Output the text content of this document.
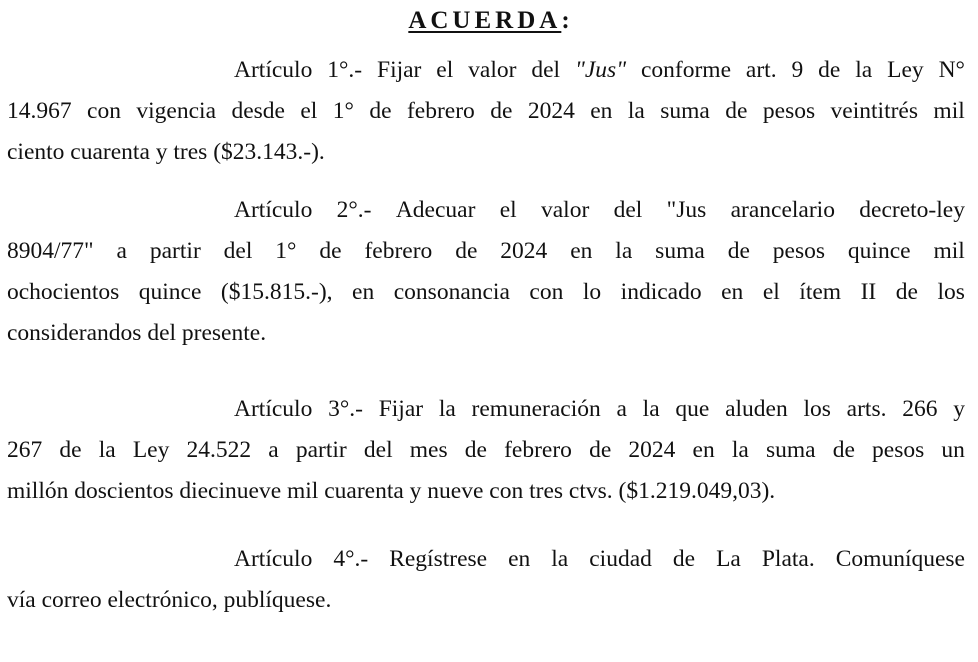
ACUERDA:
Artículo 1°.- Fijar el valor del "Jus" conforme art. 9 de la Ley N°
14.967 con vigencia desde el 1° de febrero de 2024 en la suma de pesos veintitrés mil
ciento cuarenta y tres ($23.143.-).
Artículo 2°.- Adecuar el valor del "Jus arancelario decreto-ley
8904/77" a partir del 1° de febrero de 2024 en la suma de pesos quince mil
ochocientos quince ($15.815.-), en consonancia con lo indicado en el ítem II de los
considerandos del presente.
Artículo 3°.- Fijar la remuneración a la que aluden los arts. 266 y
267 de la Ley 24.522 a partir del mes de febrero de 2024 en la suma de pesos un
millón doscientos diecinueve mil cuarenta y nueve con tres ctvs. ($1.219.049,03).
Artículo 4°.- Regístrese en la ciudad de La Plata. Comuníquese
vía correo electrónico, publíquese.
